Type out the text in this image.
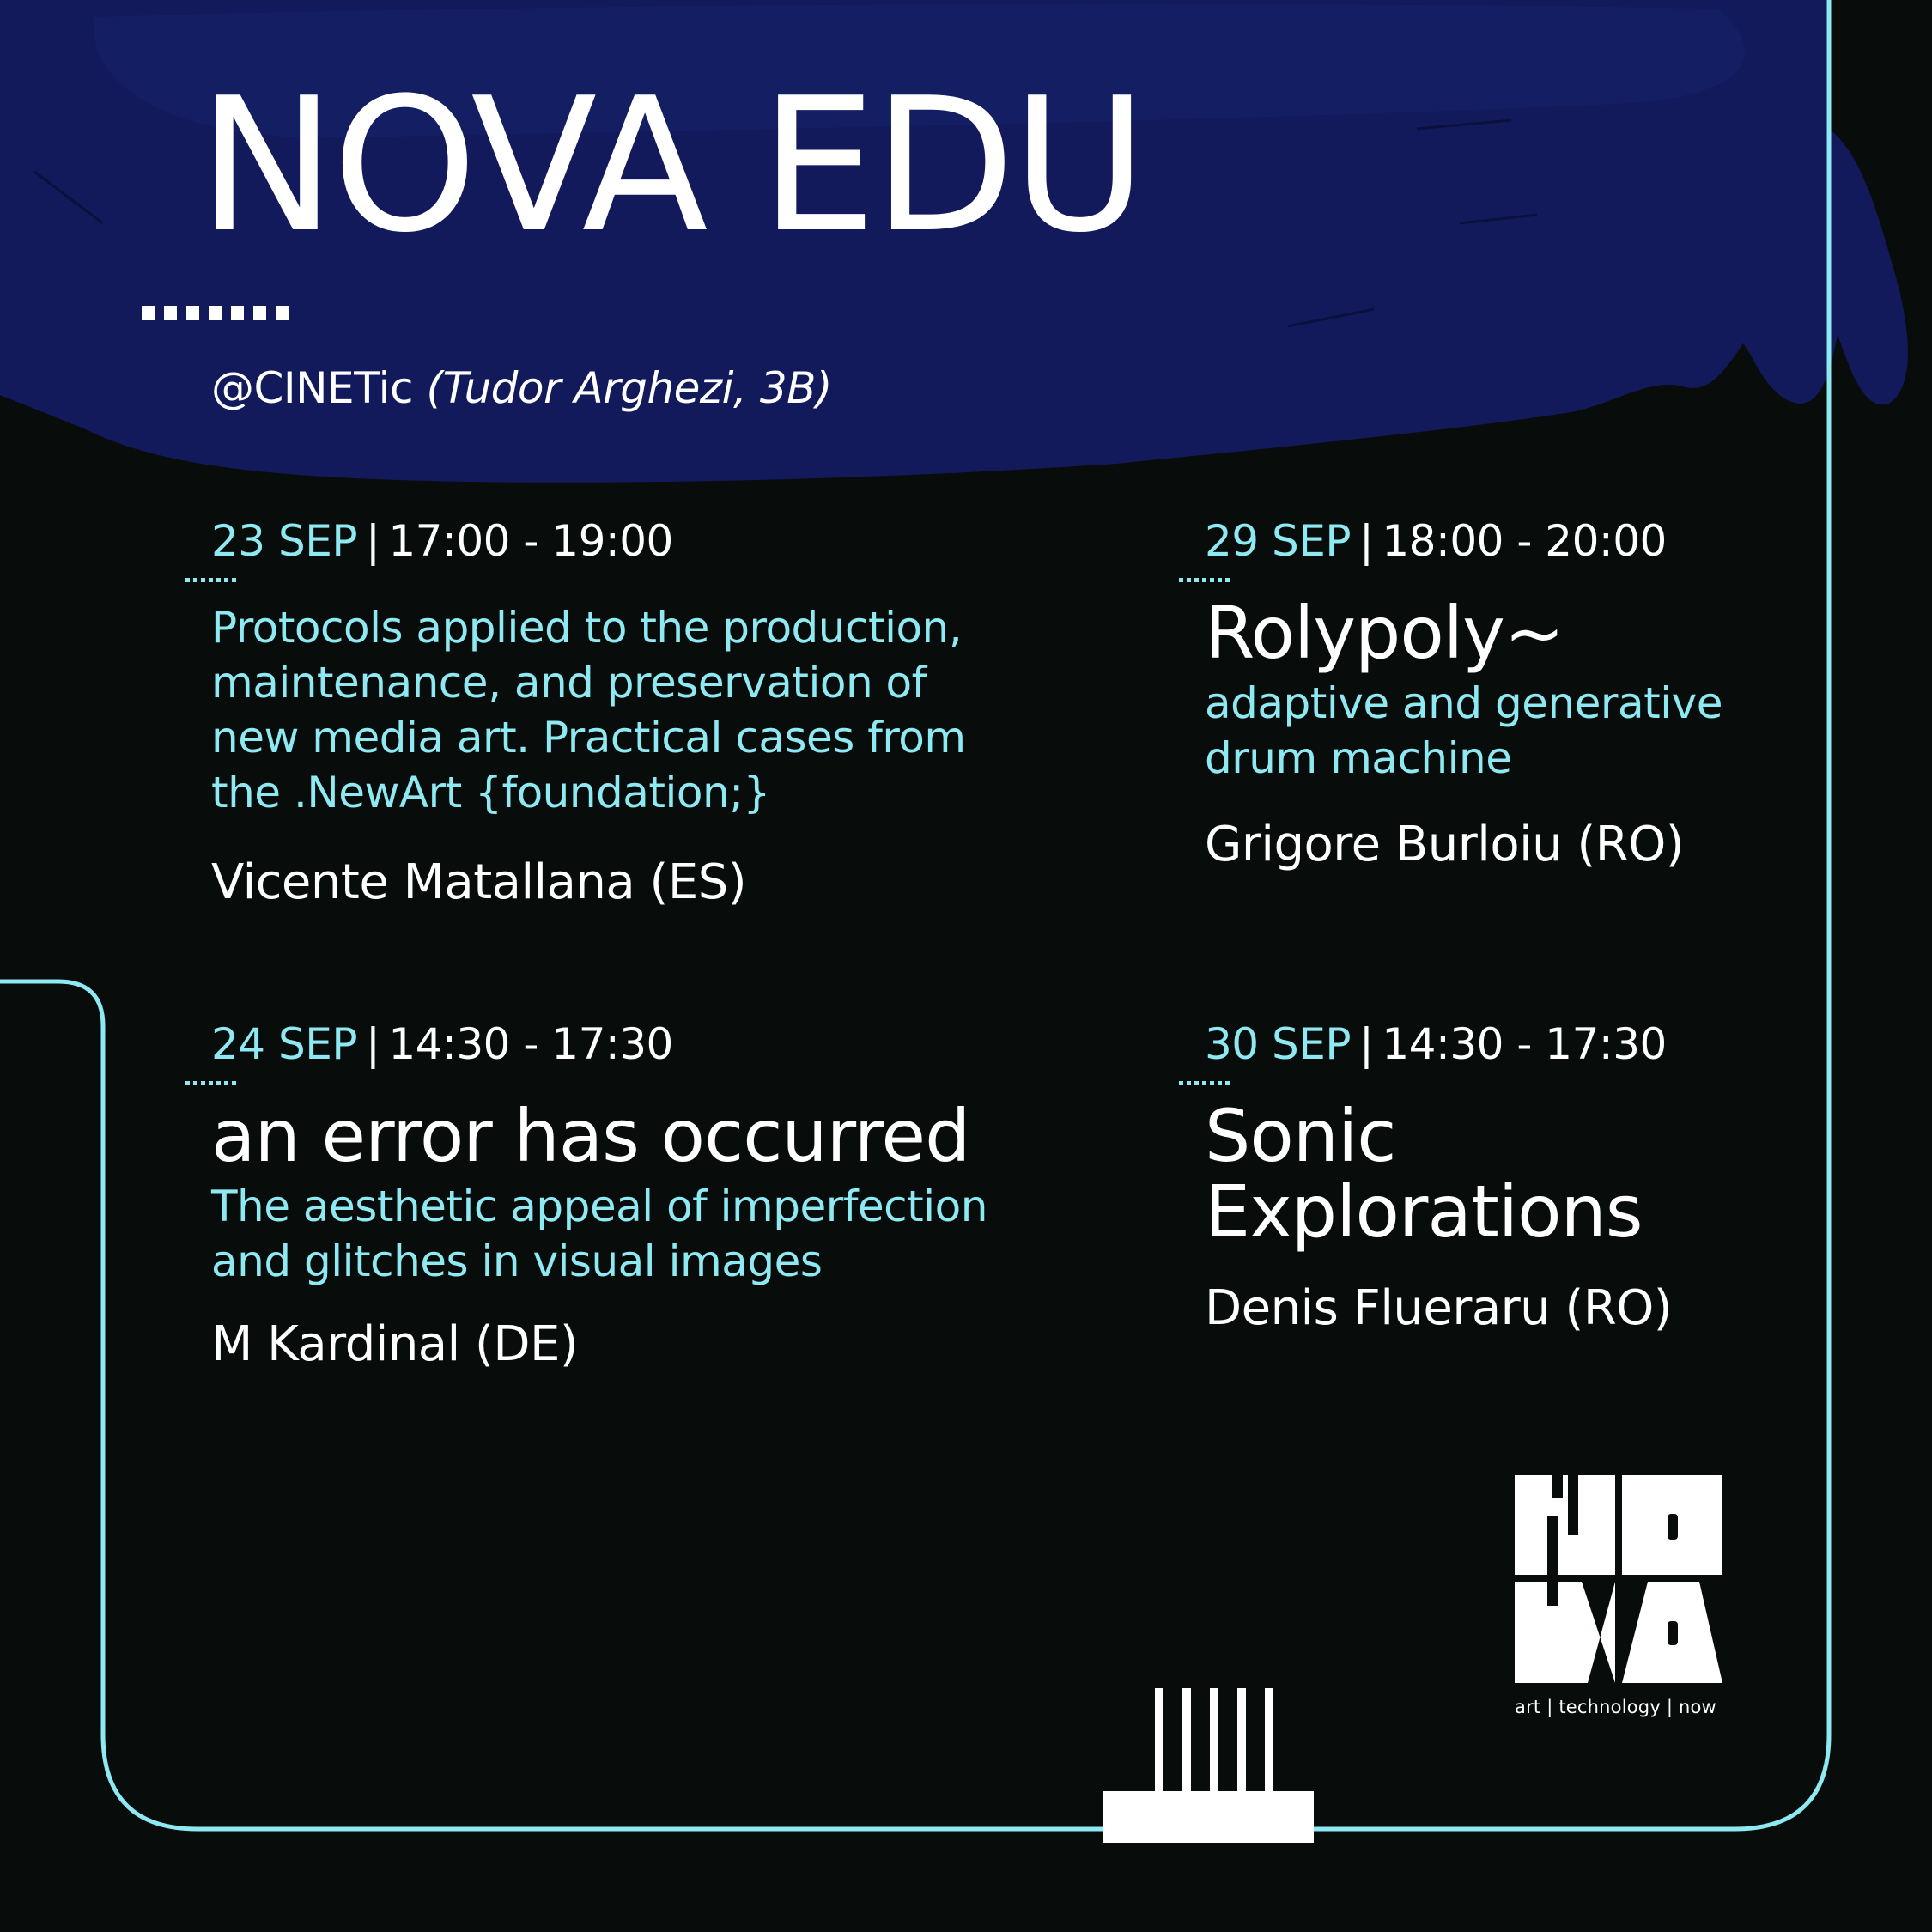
NOVA EDU
@CINETic (Tudor Arghezi, 3B)
23 SEP | 17:00 - 19:00
Protocols applied to the production, maintenance, and preservation of new media art. Practical cases from the .NewArt {foundation;}
Vicente Matallana (ES)
29 SEP | 18:00 - 20:00
Rolypoly~
adaptive and generative drum machine
Grigore Burloiu (RO)
24 SEP | 14:30 - 17:30
an error has occurred
The aesthetic appeal of imperfection and glitches in visual images
M Kardinal (DE)
30 SEP | 14:30 - 17:30
Sonic Explorations
Denis Flueraru (RO)
art | technology | now
